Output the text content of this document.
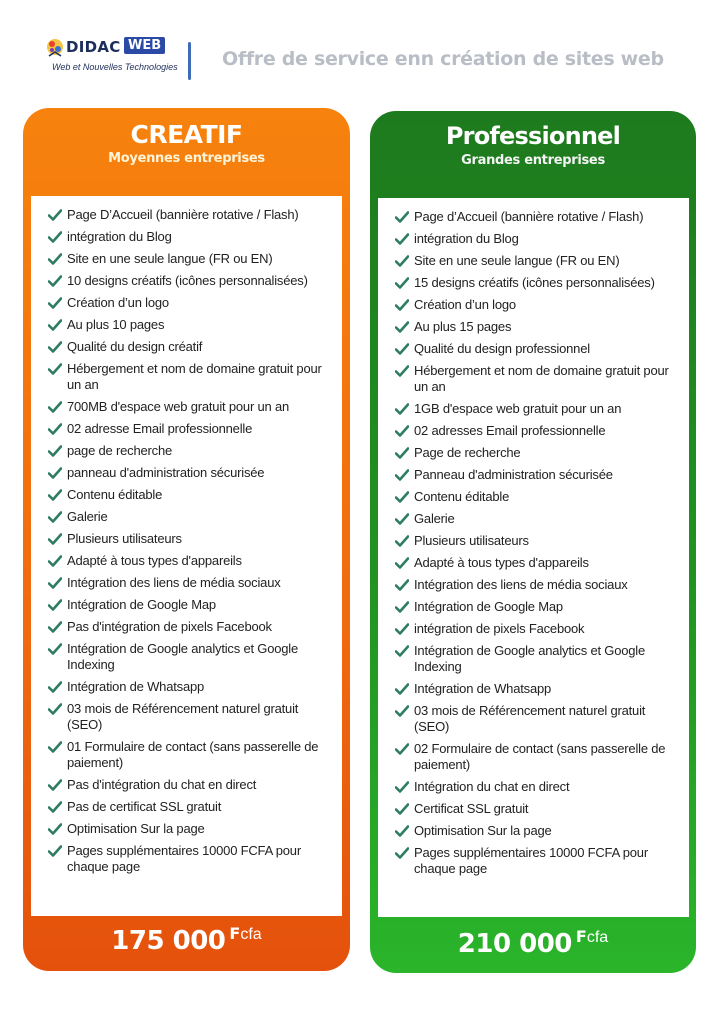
DIDAC WEB
Web et Nouvelles Technologies Offre de service enn création de sites web
CREATIF
Moyennes entreprises
Page D’Accueil (bannière rotative / Flash)
intégration du Blog
Site en une seule langue (FR ou EN)
10 designs créatifs (icônes personnalisées)
Création d’un logo
Au plus 10 pages
Qualité du design créatif
Hébergement et nom de domaine gratuit pour un an
700MB d'espace web gratuit pour un an
02 adresse Email professionnelle
page de recherche
panneau d'administration sécurisée
Contenu éditable
Galerie
Plusieurs utilisateurs
Adapté à tous types d'appareils
Intégration des liens de média sociaux
Intégration de Google Map
Pas d'intégration de pixels Facebook
Intégration de Google analytics et Google Indexing
Intégration de Whatsapp
03 mois de Référencement naturel gratuit (SEO)
01 Formulaire de contact (sans passerelle de paiement)
Pas d'intégration du chat en direct
Pas de certificat SSL gratuit
Optimisation Sur la page
Pages supplémentaires 10000 FCFA pour chaque page
175 000 Fcfa
Professionnel
Grandes entreprises
Page d’Accueil (bannière rotative / Flash)
intégration du Blog
Site en une seule langue (FR ou EN)
15 designs créatifs (icônes personnalisées)
Création d’un logo
Au plus 15 pages
Qualité du design professionnel
Hébergement et nom de domaine gratuit pour un an
1GB d'espace web gratuit pour un an
02 adresses Email professionnelle
Page de recherche
Panneau d'administration sécurisée
Contenu éditable
Galerie
Plusieurs utilisateurs
Adapté à tous types d'appareils
Intégration des liens de média sociaux
Intégration de Google Map
intégration de pixels Facebook
Intégration de Google analytics et Google Indexing
Intégration de Whatsapp
03 mois de Référencement naturel gratuit (SEO)
02 Formulaire de contact (sans passerelle de paiement)
Intégration du chat en direct
Certificat SSL gratuit
Optimisation Sur la page
Pages supplémentaires 10000 FCFA pour chaque page
210 000 Fcfa
